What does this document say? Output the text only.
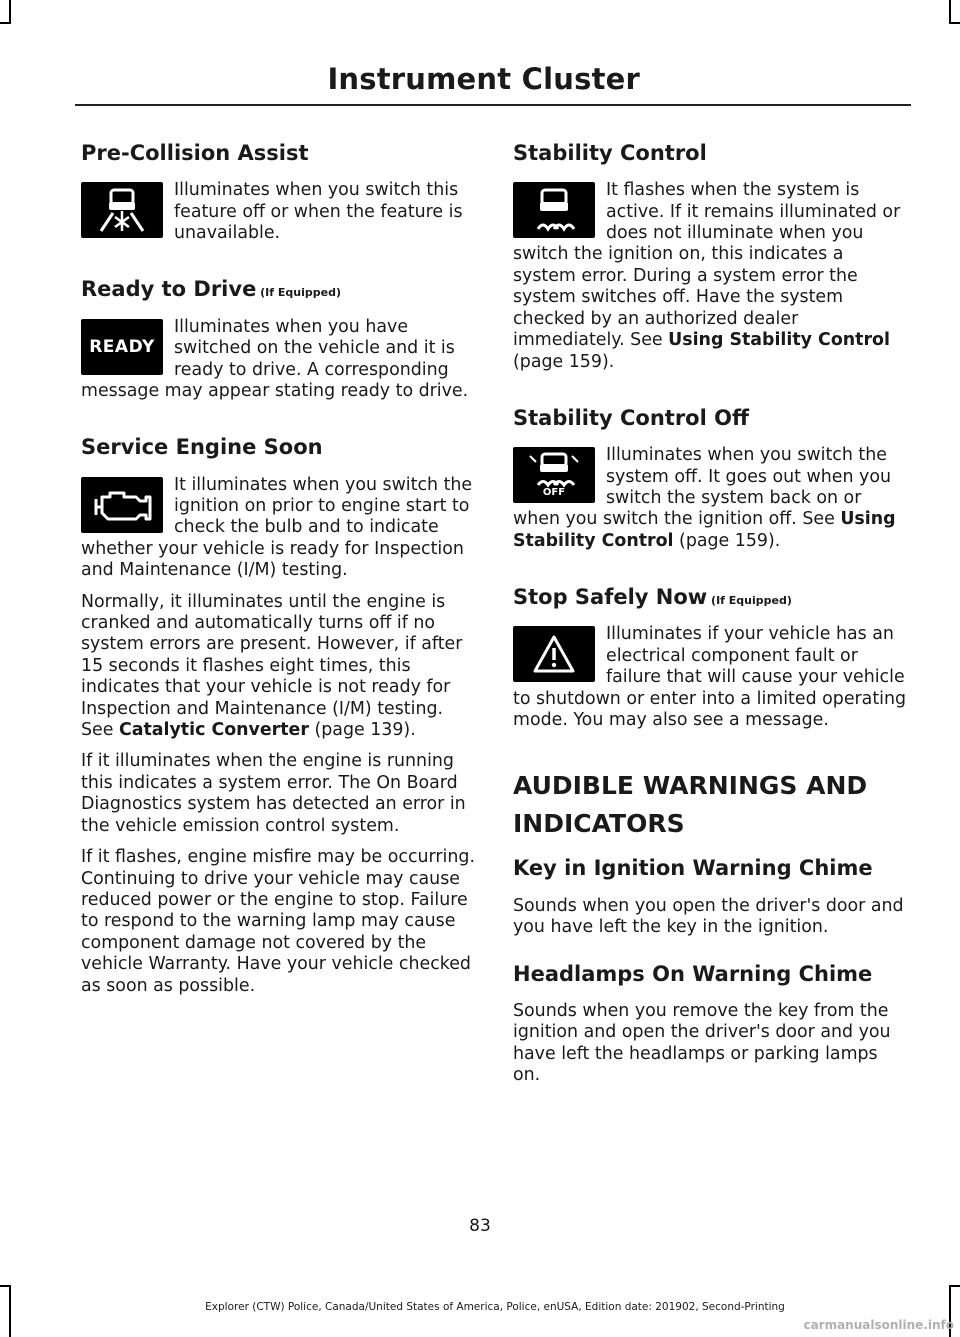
Instrument Cluster
Pre-Collision Assist

Illuminates when you switch this feature off or when the feature is unavailable.

Ready to Drive (If Equipped)
READY

Illuminates when you have switched on the vehicle and it is ready to drive. A corresponding message may appear stating ready to drive.

Service Engine Soon

It illuminates when you switch the ignition on prior to engine start to check the bulb and to indicate whether your vehicle is ready for Inspection and Maintenance (I/M) testing.

Normally, it illuminates until the engine is cranked and automatically turns off if no system errors are present. However, if after 15 seconds it flashes eight times, this indicates that your vehicle is not ready for Inspection and Maintenance (I/M) testing. See Catalytic Converter (page 139).

If it illuminates when the engine is running this indicates a system error. The On Board Diagnostics system has detected an error in the vehicle emission control system.

If it flashes, engine misfire may be occurring. Continuing to drive your vehicle may cause reduced power or the engine to stop. Failure to respond to the warning lamp may cause component damage not covered by the vehicle Warranty. Have your vehicle checked as soon as possible.

Stability Control

It flashes when the system is active. If it remains illuminated or does not illuminate when you switch the ignition on, this indicates a system error. During a system error the system switches off. Have the system checked by an authorized dealer immediately. See Using Stability Control (page 159).

Stability Control Off
OFF

Illuminates when you switch the system off. It goes out when you switch the system back on or when you switch the ignition off. See Using Stability Control (page 159).

Stop Safely Now (If Equipped)

Illuminates if your vehicle has an electrical component fault or failure that will cause your vehicle to shutdown or enter into a limited operating mode. You may also see a message.

AUDIBLE WARNINGS AND
INDICATORS
Key in Ignition Warning Chime

Sounds when you open the driver's door and you have left the key in the ignition.

Headlamps On Warning Chime

Sounds when you remove the key from the ignition and open the driver's door and you have left the headlamps or parking lamps on.

83
Explorer (CTW) Police, Canada/United States of America, Police, enUSA, Edition date: 201902, Second-Printing
carmanualsonline.info
